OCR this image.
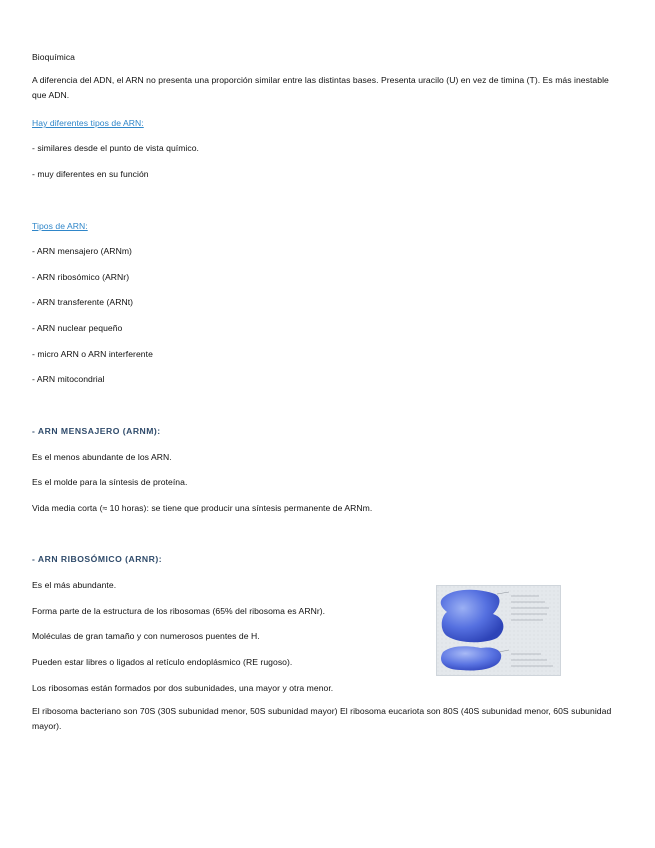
Bioquímica
A diferencia del ADN, el ARN no presenta una proporción similar entre las distintas bases. Presenta uracilo (U) en vez de timina (T). Es más inestable que ADN.
Hay diferentes tipos de ARN:
- similares desde el punto de vista químico.
- muy diferentes en su función
Tipos de ARN:
- ARN mensajero (ARNm)
- ARN ribosómico (ARNr)
- ARN transferente (ARNt)
- ARN nuclear pequeño
- micro ARN o ARN interferente
- ARN mitocondrial
- ARN MENSAJERO (ARNM):
Es el menos abundante de los ARN.
Es el molde para la síntesis de proteína.
Vida media corta (≈ 10 horas): se tiene que producir una síntesis permanente de ARNm.
- ARN RIBOSÓMICO (ARNR):
Es el más abundante.
Forma parte de la estructura de los ribosomas (65% del ribosoma es ARNr).
Moléculas de gran tamaño y con numerosos puentes de H.
Pueden estar libres o ligados al retículo endoplásmico (RE rugoso).
Los ribosomas están formados por dos subunidades, una mayor y otra menor.
El ribosoma bacteriano son 70S (30S subunidad menor, 50S subunidad mayor) El ribosoma eucariota son 80S (40S subunidad menor, 60S subunidad mayor).
